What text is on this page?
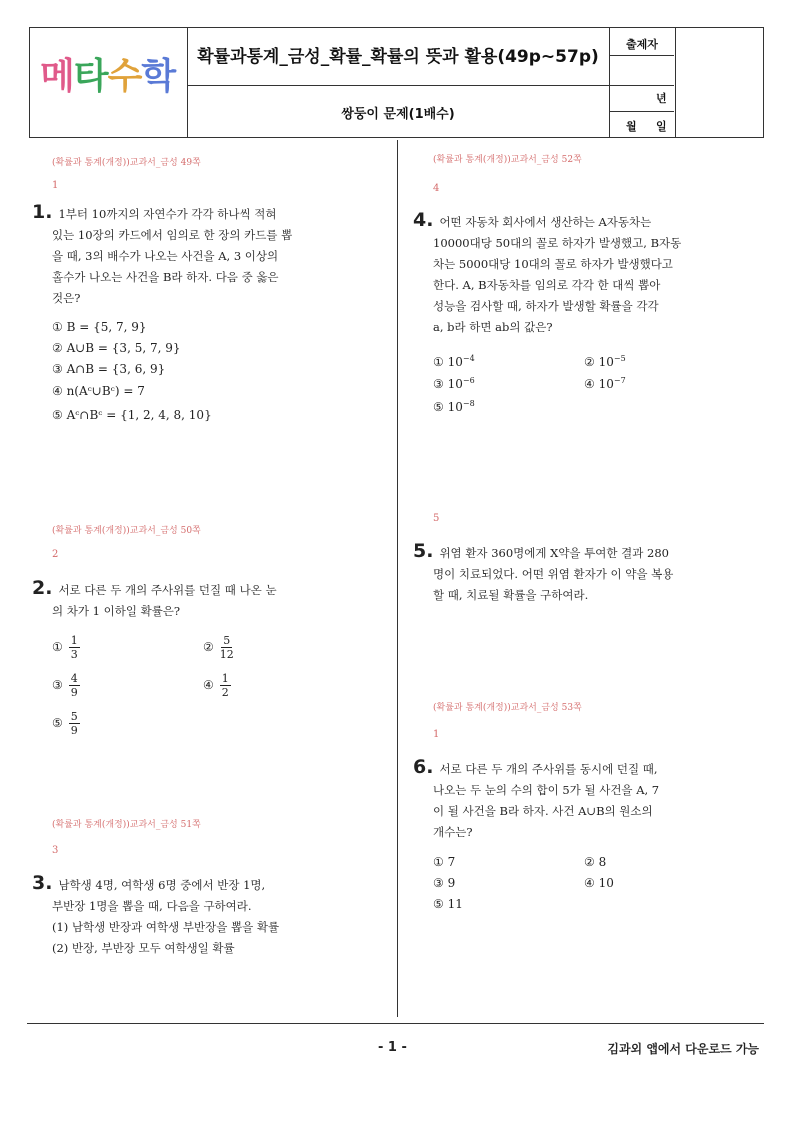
메타수학	확률과통계_금성_확률_확률의 뜻과 활용(49p~57p)
쌍둥이 문제(1배수)
출제자
년
월 일
(확률과 통계(개정))교과서_금성 49쪽
1
1. 1부터 10까지의 자연수가 각각 하나씩 적혀
있는 10장의 카드에서 임의로 한 장의 카드를 뽑
을 때, 3의 배수가 나오는 사건을 A, 3 이상의
홀수가 나오는 사건을 B라 하자. 다음 중 옳은
것은?
① B = {5, 7, 9}
② A∪B = {3, 5, 7, 9}
③ A∩B = {3, 6, 9}
④ n(Aᶜ∪Bᶜ) = 7
⑤ Aᶜ∩Bᶜ = {1, 2, 4, 8, 10}
(확률과 통계(개정))교과서_금성 50쪽
2
2. 서로 다른 두 개의 주사위를 던질 때 나온 눈
의 차가 1 이하일 확률은?
① $\frac{1}{3}$	② $\frac{5}{12}$
③ $\frac{4}{9}$	④ $\frac{1}{2}$
⑤ $\frac{5}{9}$
(확률과 통계(개정))교과서_금성 51쪽
3
3. 남학생 4명, 여학생 6명 중에서 반장 1명,
부반장 1명을 뽑을 때, 다음을 구하여라.
(1) 남학생 반장과 여학생 부반장을 뽑을 확률
(2) 반장, 부반장 모두 여학생일 확률
(확률과 통계(개정))교과서_금성 52쪽
4
4. 어떤 자동차 회사에서 생산하는 A자동차는
10000대당 50대의 꼴로 하자가 발생했고, B자동
차는 5000대당 10대의 꼴로 하자가 발생했다고
한다. A, B자동차를 임의로 각각 한 대씩 뽑아
성능을 검사할 때, 하자가 발생할 확률을 각각
a, b라 하면 ab의 값은?
① $10^{-4}$	② $10^{-5}$
③ $10^{-6}$	④ $10^{-7}$
⑤ $10^{-8}$
5
5. 위염 환자 360명에게 X약을 투여한 결과 280
명이 치료되었다. 어떤 위염 환자가 이 약을 복용
할 때, 치료될 확률을 구하여라.
(확률과 통계(개정))교과서_금성 53쪽
1
6. 서로 다른 두 개의 주사위를 동시에 던질 때,
나오는 두 눈의 수의 합이 5가 될 사건을 A, 7
이 될 사건을 B라 하자. 사건 A∪B의 원소의
개수는?
① 7	② 8
③ 9	④ 10
⑤ 11
- 1 -	김과외 앱에서 다운로드 가능
